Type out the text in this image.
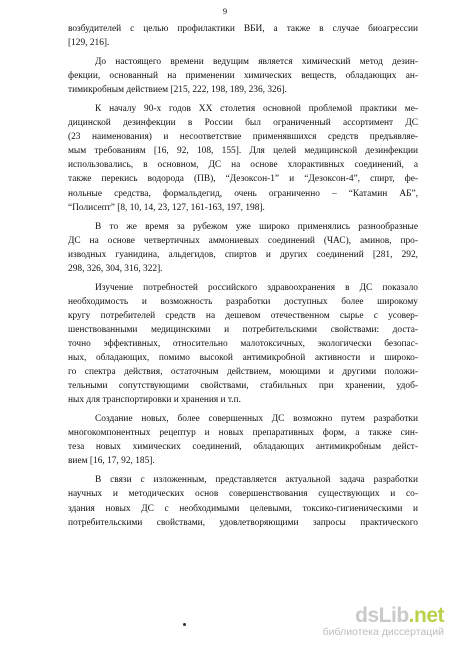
9
возбудителей с целью профилактики ВБИ, а также в случае биоагрессии
[129, 216].
До настоящего времени ведущим является химический метод дезин-
фекции, основанный на применении химических веществ, обладающих ан-
тимикробным действием [215, 222, 198, 189, 236, 326].
К началу 90-х годов XX столетия основной проблемой практики ме-
дицинской дезинфекции в России был ограниченный ассортимент ДС
(23 наименования) и несоответствие применявшихся средств предъявляе-
мым требованиям [16, 92, 108, 155]. Для целей медицинской дезинфекции
использовались, в основном, ДС на основе хлорактивных соединений, а
также перекись водорода (ПВ), “Дезоксон-1” и “Дезоксон-4”, спирт, фе-
нольные средства, формальдегид, очень ограниченно – “Катамин АБ”,
“Полисепт” [8, 10, 14, 23, 127, 161-163, 197, 198].
В то же время за рубежом уже широко применялись разнообразные
ДС на основе четвертичных аммониевых соединений (ЧАС), аминов, про-
изводных гуанидина, альдегидов, спиртов и других соединений [281, 292,
298, 326, 304, 316, 322].
Изучение потребностей российского здравоохранения в ДС показало
необходимость и возможность разработки доступных более широкому
кругу потребителей средств на дешевом отечественном сырье с усовер-
шенствованными медицинскими и потребительскими свойствами: доста-
точно эффективных, относительно малотоксичных, экологически безопас-
ных, обладающих, помимо высокой антимикробной активности и широко-
го спектра действия, остаточным действием, моющими и другими положи-
тельными сопутствующими свойствами, стабильных при хранении, удоб-
ных для транспортировки и хранения и т.п.
Создание новых, более совершенных ДС возможно путем разработки
многокомпонентных рецептур и новых препаративных форм, а также син-
теза новых химических соединений, обладающих антимикробным дейст-
вием [16, 17, 92, 185].
В связи с изложенным, представляется актуальной задача разработки
научных и методических основ совершенствования существующих и со-
здания новых ДС с необходимыми целевыми, токсико-гигиеническими и
потребительскими свойствами, удовлетворяющими запросы практического
dsLib.net
библиотека диссертаций
